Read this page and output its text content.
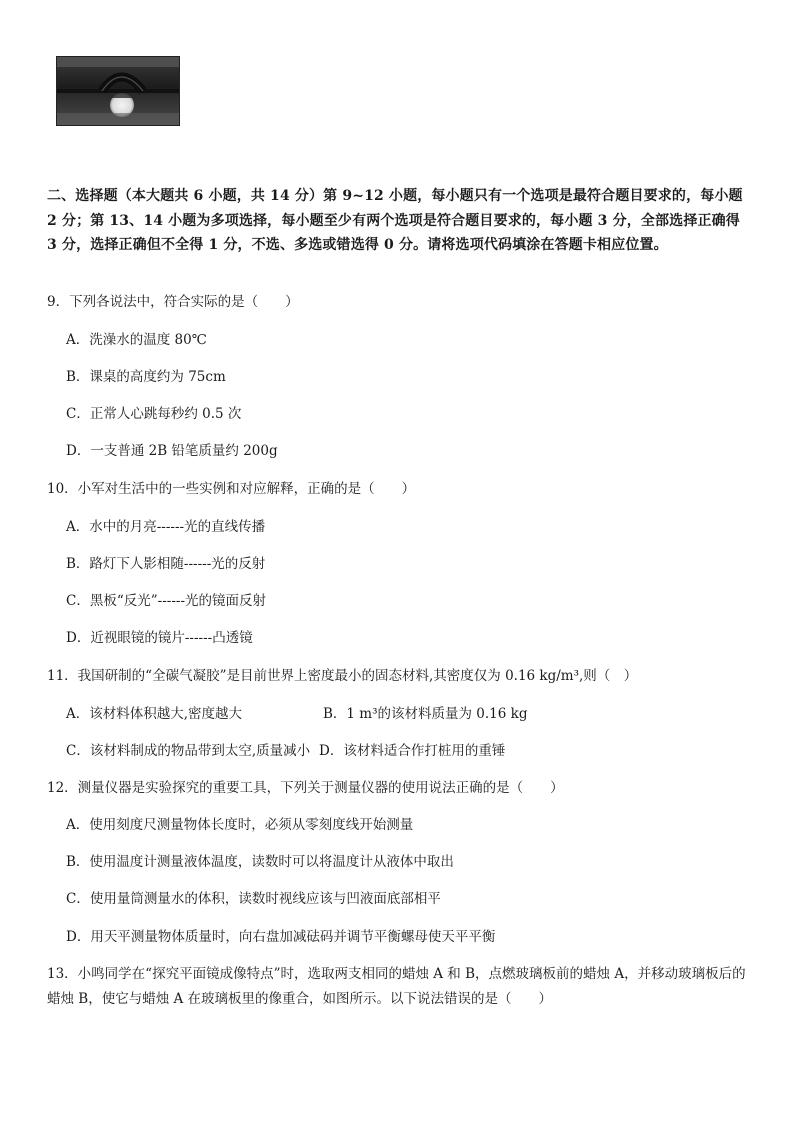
二、选择题（本大题共 6 小题，共 14 分）第 9~12 小题，每小题只有一个选项是最符合题目要求的，每小题 2 分；第 13、14 小题为多项选择，每小题至少有两个选项是符合题目要求的，每小题 3 分，全部选择正确得 3 分，选择正确但不全得 1 分，不选、多选或错选得 0 分。请将选项代码填涂在答题卡相应位置。
9．下列各说法中，符合实际的是（　　）
A．洗澡水的温度 80℃
B．课桌的高度约为 75cm
C．正常人心跳每秒约 0.5 次
D．一支普通 2B 铅笔质量约 200g
10．小军对生活中的一些实例和对应解释，正确的是（　　）
A．水中的月亮------光的直线传播
B．路灯下人影相随------光的反射
C．黑板“反光”------光的镜面反射
D．近视眼镜的镜片------凸透镜
11．我国研制的“全碳气凝胶”是目前世界上密度最小的固态材料,其密度仅为 0.16 kg/m³,则（　）
A．该材料体积越大,密度越大	B．1 m³的该材料质量为 0.16 kg
C．该材料制成的物品带到太空,质量减小 D．该材料适合作打桩用的重锤
12．测量仪器是实验探究的重要工具，下列关于测量仪器的使用说法正确的是（　　）
A．使用刻度尺测量物体长度时，必须从零刻度线开始测量
B．使用温度计测量液体温度，读数时可以将温度计从液体中取出
C．使用量筒测量水的体积，读数时视线应该与凹液面底部相平
D．用天平测量物体质量时，向右盘加减砝码并调节平衡螺母使天平平衡
13．小鸣同学在“探究平面镜成像特点”时，选取两支相同的蜡烛 A 和 B，点燃玻璃板前的蜡烛 A，并移动玻璃板后的蜡烛 B，使它与蜡烛 A 在玻璃板里的像重合，如图所示。以下说法错误的是（　　）
